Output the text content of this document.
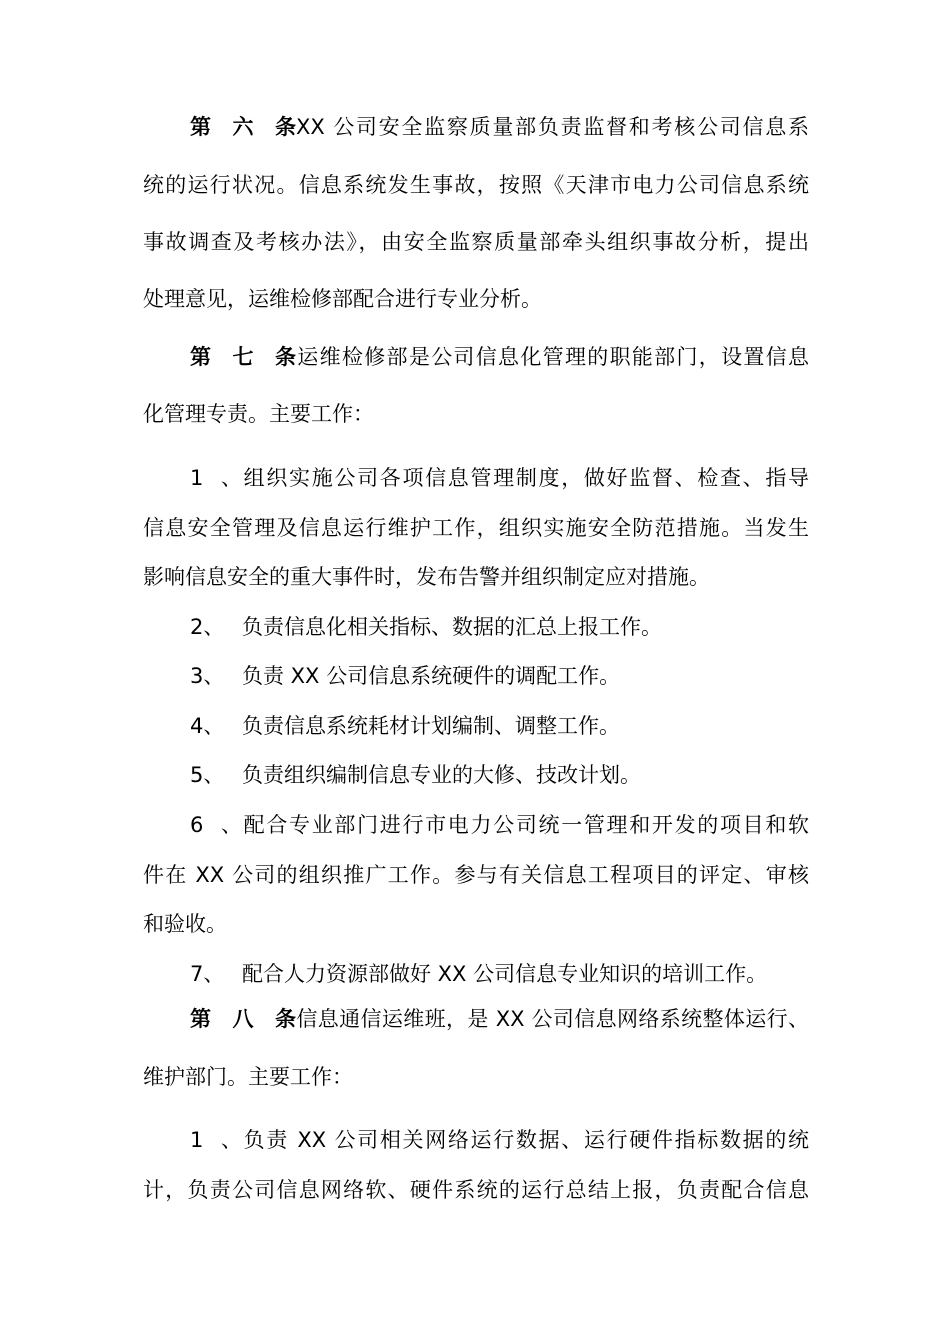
第六条XX 公司安全监察质量部负责监督和考核公司信息系
统的运行状况。信息系统发生事故，按照《天津市电力公司信息系统
事故调查及考核办法》，由安全监察质量部牵头组织事故分析，提出
处理意见，运维检修部配合进行专业分析。
第七条运维检修部是公司信息化管理的职能部门，设置信息
化管理专责。主要工作：
1、组织实施公司各项信息管理制度，做好监督、检查、指导
信息安全管理及信息运行维护工作，组织实施安全防范措施。当发生
影响信息安全的重大事件时，发布告警并组织制定应对措施。
2、 负责信息化相关指标、数据的汇总上报工作。
3、 负责 XX 公司信息系统硬件的调配工作。
4、 负责信息系统耗材计划编制、调整工作。
5、 负责组织编制信息专业的大修、技改计划。
6、配合专业部门进行市电力公司统一管理和开发的项目和软
件在 XX 公司的组织推广工作。参与有关信息工程项目的评定、审核
和验收。
7、 配合人力资源部做好 XX 公司信息专业知识的培训工作。
第八条信息通信运维班，是 XX 公司信息网络系统整体运行、
维护部门。主要工作：
1、负责 XX 公司相关网络运行数据、运行硬件指标数据的统
计，负责公司信息网络软、硬件系统的运行总结上报，负责配合信息
